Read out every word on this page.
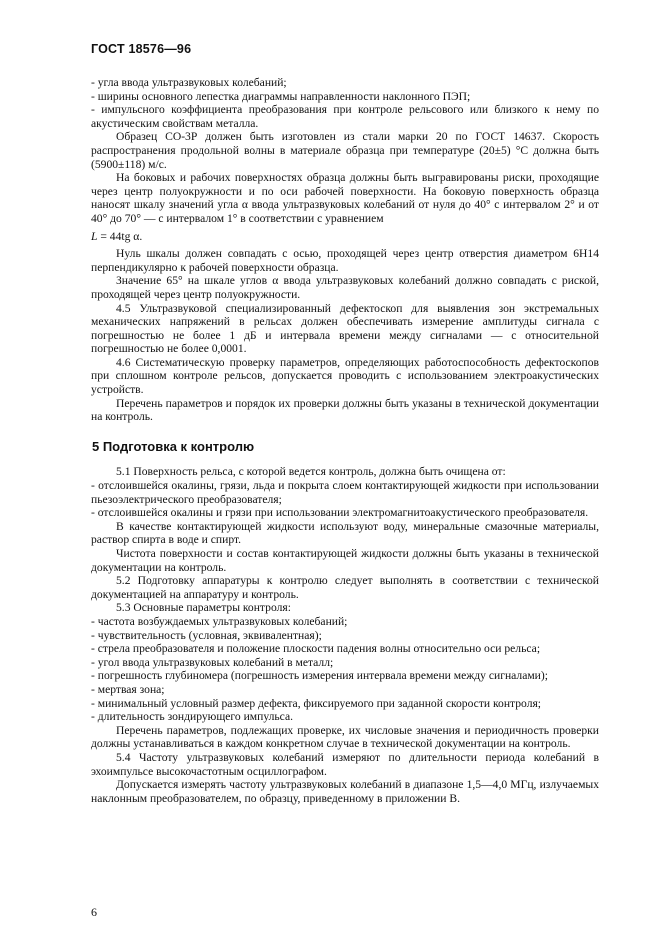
ГОСТ 18576—96

- угла ввода ультразвуковых колебаний;

- ширины основного лепестка диаграммы направленности наклонного ПЭП;

- импульсного коэффициента преобразования при контроле рельсового или близкого к нему по акустическим свойствам металла.

Образец СО-3Р должен быть изготовлен из стали марки 20 по ГОСТ 14637. Скорость распространения продольной волны в материале образца при температуре (20±5) °С должна быть (5900±118) м/с.

На боковых и рабочих поверхностях образца должны быть выгравированы риски, проходящие через центр полуокружности и по оси рабочей поверхности. На боковую поверхность образца наносят шкалу значений угла α ввода ультразвуковых колебаний от нуля до 40° с интервалом 2° и от 40° до 70° — с интервалом 1° в соответствии с уравнением

L = 44tg α.

Нуль шкалы должен совпадать с осью, проходящей через центр отверстия диаметром 6Н14 перпендикулярно к рабочей поверхности образца.

Значение 65° на шкале углов α ввода ультразвуковых колебаний должно совпадать с риской, проходящей через центр полуокружности.

4.5 Ультразвуковой специализированный дефектоскоп для выявления зон экстремальных механических напряжений в рельсах должен обеспечивать измерение амплитуды сигнала с погрешностью не более 1 дБ и интервала времени между сигналами — с относительной погрешностью не более 0,0001.

4.6 Систематическую проверку параметров, определяющих работоспособность дефектоскопов при сплошном контроле рельсов, допускается проводить с использованием электроакустических устройств.

Перечень параметров и порядок их проверки должны быть указаны в технической документации на контроль.

5 Подготовка к контролю

5.1 Поверхность рельса, с которой ведется контроль, должна быть очищена от:

- отслоившейся окалины, грязи, льда и покрыта слоем контактирующей жидкости при использовании пьезоэлектрического преобразователя;

- отслоившейся окалины и грязи при использовании электромагнитоакустического преобразователя.

В качестве контактирующей жидкости используют воду, минеральные смазочные материалы, раствор спирта в воде и спирт.

Чистота поверхности и состав контактирующей жидкости должны быть указаны в технической документации на контроль.

5.2 Подготовку аппаратуры к контролю следует выполнять в соответствии с технической документацией на аппаратуру и контроль.

5.3 Основные параметры контроля:

- частота возбуждаемых ультразвуковых колебаний;

- чувствительность (условная, эквивалентная);

- стрела преобразователя и положение плоскости падения волны относительно оси рельса;

- угол ввода ультразвуковых колебаний в металл;

- погрешность глубиномера (погрешность измерения интервала времени между сигналами);

- мертвая зона;

- минимальный условный размер дефекта, фиксируемого при заданной скорости контроля;

- длительность зондирующего импульса.

Перечень параметров, подлежащих проверке, их числовые значения и периодичность проверки должны устанавливаться в каждом конкретном случае в технической документации на контроль.

5.4 Частоту ультразвуковых колебаний измеряют по длительности периода колебаний в эхоимпульсе высокочастотным осциллографом.

Допускается измерять частоту ультразвуковых колебаний в диапазоне 1,5—4,0 МГц, излучаемых наклонным преобразователем, по образцу, приведенному в приложении В.

6
